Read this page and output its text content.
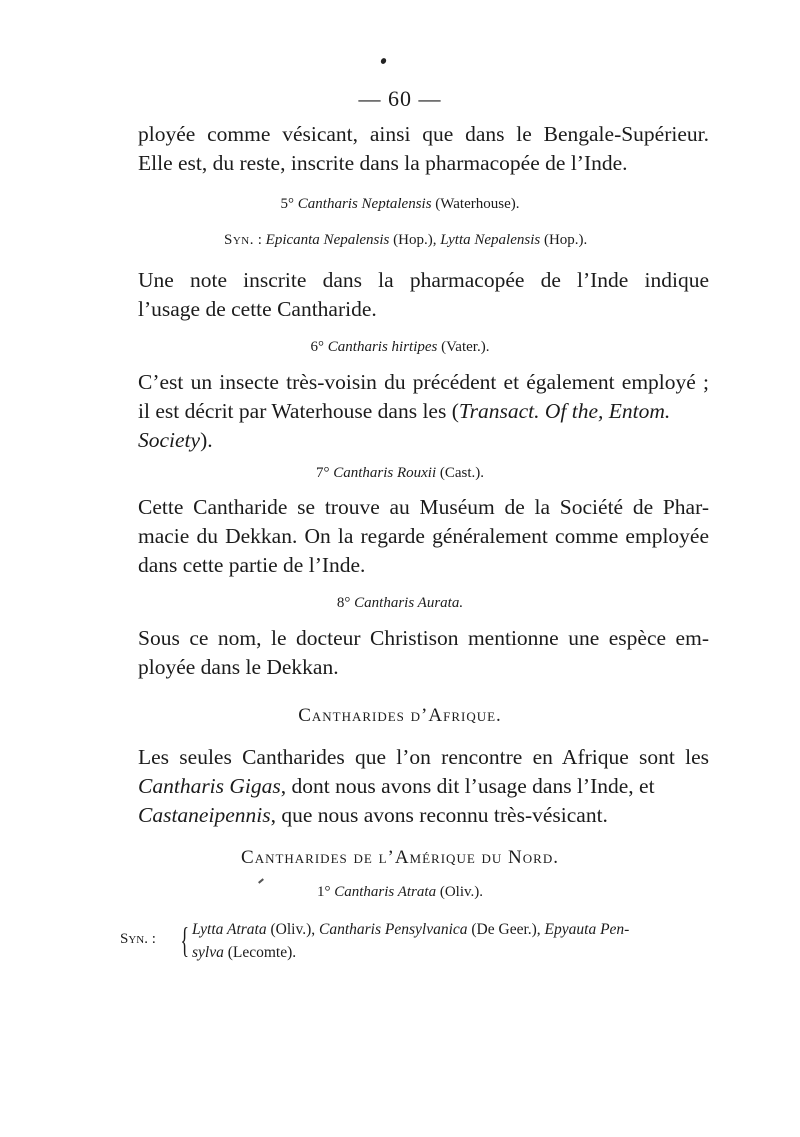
— 60 —
ployée comme vésicant, ainsi que dans le Bengale-Supérieur.
Elle est, du reste, inscrite dans la pharmacopée de l’Inde.
5° Cantharis Neptalensis (Waterhouse).
Syn. : Epicanta Nepalensis (Hop.), Lytta Nepalensis (Hop.).
Une note inscrite dans la pharmacopée de l’Inde indique
l’usage de cette Cantharide.
6° Cantharis hirtipes (Vater.).
C’est un insecte très-voisin du précédent et également employé ;
il est décrit par Waterhouse dans les (Transact. Of the, Entom.
Society).
7° Cantharis Rouxii (Cast.).
Cette Cantharide se trouve au Muséum de la Société de Phar-
macie du Dekkan. On la regarde généralement comme employée
dans cette partie de l’Inde.
8° Cantharis Aurata.
Sous ce nom, le docteur Christison mentionne une espèce em-
ployée dans le Dekkan.
Cantharides d’Afrique.
Les seules Cantharides que l’on rencontre en Afrique sont les
Cantharis Gigas, dont nous avons dit l’usage dans l’Inde, et
Castaneipennis, que nous avons reconnu très-vésicant.
Cantharides de l’Amérique du Nord.
1° Cantharis Atrata (Oliv.).
Syn. : { Lytta Atrata (Oliv.), Cantharis Pensylvanica (De Geer.), Epyauta Pen-
sylva (Lecomte).
